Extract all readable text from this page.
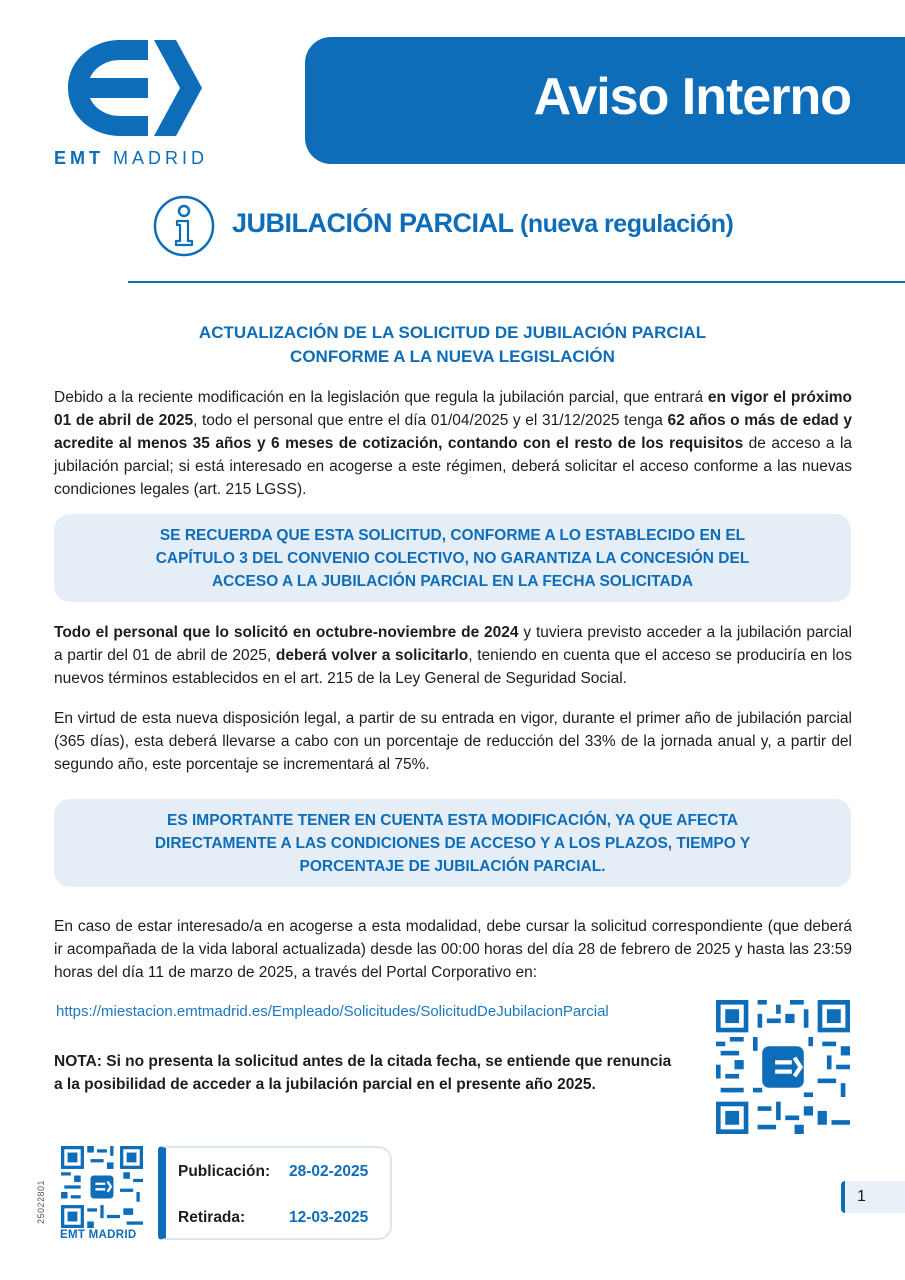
EMT MADRID
Aviso Interno
JUBILACIÓN PARCIAL (nueva regulación)
ACTUALIZACIÓN DE LA SOLICITUD DE JUBILACIÓN PARCIAL
CONFORME A LA NUEVA LEGISLACIÓN
Debido a la reciente modificación en la legislación que regula la jubilación parcial, que entrará en vigor el próximo 01 de abril de 2025, todo el personal que entre el día 01/04/2025 y el 31/12/2025 tenga 62 años o más de edad y acredite al menos 35 años y 6 meses de cotización, contando con el resto de los requisitos de acceso a la jubilación parcial; si está interesado en acogerse a este régimen, deberá solicitar el acceso conforme a las nuevas condiciones legales (art. 215 LGSS).
SE RECUERDA QUE ESTA SOLICITUD, CONFORME A LO ESTABLECIDO EN EL CAPÍTULO 3 DEL CONVENIO COLECTIVO, NO GARANTIZA LA CONCESIÓN DEL ACCESO A LA JUBILACIÓN PARCIAL EN LA FECHA SOLICITADA
Todo el personal que lo solicitó en octubre-noviembre de 2024 y tuviera previsto acceder a la jubilación parcial a partir del 01 de abril de 2025, deberá volver a solicitarlo, teniendo en cuenta que el acceso se produciría en los nuevos términos establecidos en el art. 215 de la Ley General de Seguridad Social.
En virtud de esta nueva disposición legal, a partir de su entrada en vigor, durante el primer año de jubilación parcial (365 días), esta deberá llevarse a cabo con un porcentaje de reducción del 33% de la jornada anual y, a partir del segundo año, este porcentaje se incrementará al 75%.
ES IMPORTANTE TENER EN CUENTA ESTA MODIFICACIÓN, YA QUE AFECTA DIRECTAMENTE A LAS CONDICIONES DE ACCESO Y A LOS PLAZOS, TIEMPO Y PORCENTAJE DE JUBILACIÓN PARCIAL.
En caso de estar interesado/a en acogerse a esta modalidad, debe cursar la solicitud correspondiente (que deberá ir acompañada de la vida laboral actualizada) desde las 00:00 horas del día 28 de febrero de 2025 y hasta las 23:59 horas del día 11 de marzo de 2025, a través del Portal Corporativo en:
https://miestacion.emtmadrid.es/Empleado/Solicitudes/SolicitudDeJubilacionParcial
NOTA: Si no presenta la solicitud antes de la citada fecha, se entiende que renuncia
a la posibilidad de acceder a la jubilación parcial en el presente año 2025.
25022801
EMT MADRID
Publicación: 28-02-2025
Retirada:	12-03-2025
1
